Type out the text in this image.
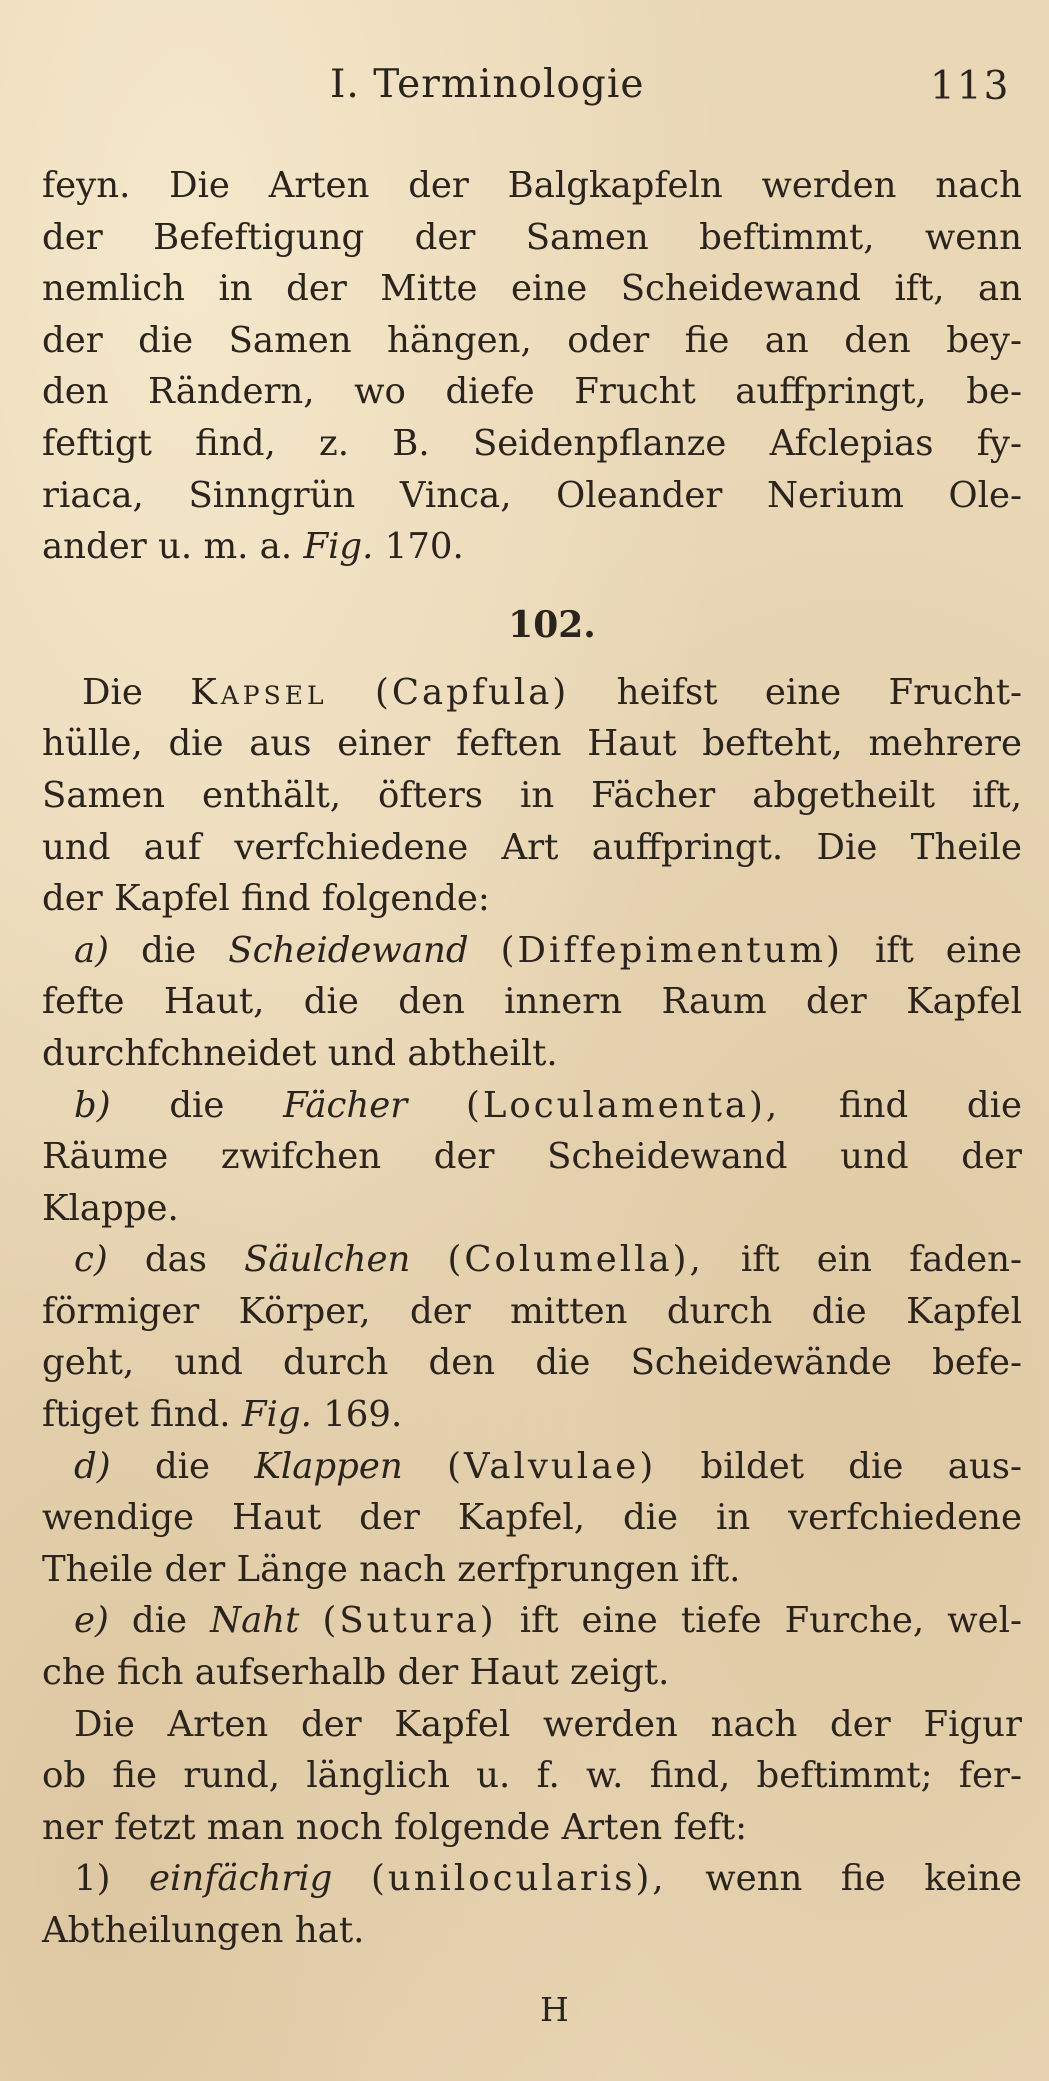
I. Terminologie	113
feyn. Die Arten der Balgkapfeln werden nach
der Befeftigung der Samen beftimmt, wenn
nemlich in der Mitte eine Scheidewand ift, an
der die Samen hängen, oder fie an den bey-
den Rändern, wo diefe Frucht auffpringt, be-
feftigt find, z. B. Seidenpflanze Afclepias fy-
riaca, Sinngrün Vinca, Oleander Nerium Ole-
ander u. m. a. Fig. 170.
102.
Die Kapsel (Capfula) heifst eine Frucht-
hülle, die aus einer feften Haut befteht, mehrere
Samen enthält, öfters in Fächer abgetheilt ift,
und auf verfchiedene Art auffpringt. Die Theile
der Kapfel find folgende:
a) die Scheidewand (Diffepimentum) ift eine
fefte Haut, die den innern Raum der Kapfel
durchfchneidet und abtheilt.
b) die Fächer (Loculamenta), find die
Räume zwifchen der Scheidewand und der
Klappe.
c) das Säulchen (Columella), ift ein faden-
förmiger Körper, der mitten durch die Kapfel
geht, und durch den die Scheidewände befe-
ftiget find. Fig. 169.
d) die Klappen (Valvulae) bildet die aus-
wendige Haut der Kapfel, die in verfchiedene
Theile der Länge nach zerfprungen ift.
e) die Naht (Sutura) ift eine tiefe Furche, wel-
che fich aufserhalb der Haut zeigt.
Die Arten der Kapfel werden nach der Figur
ob fie rund, länglich u. f. w. find, beftimmt; fer-
ner fetzt man noch folgende Arten feft:
1) einfächrig (unilocularis), wenn fie keine
Abtheilungen hat.
H
